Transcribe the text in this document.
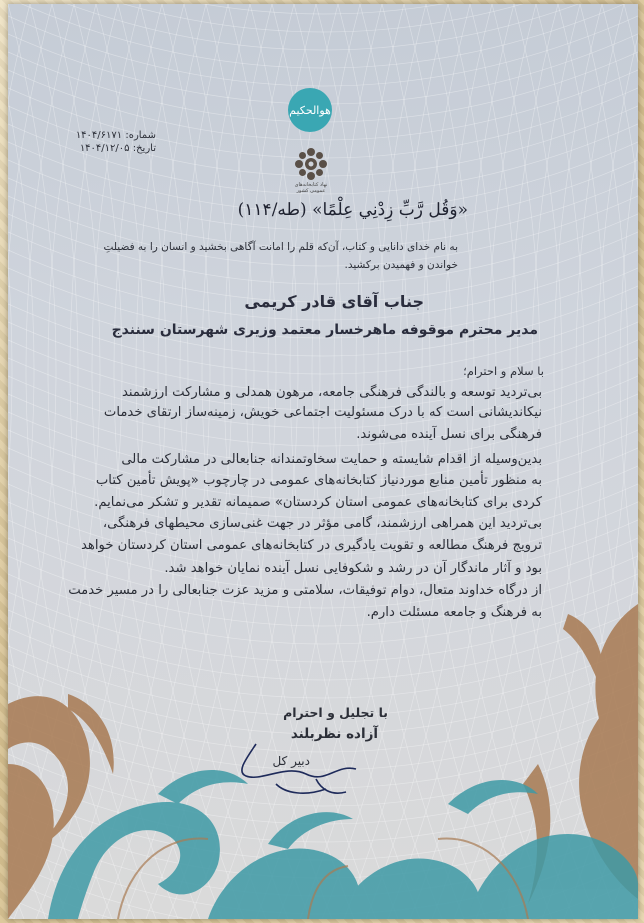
هوالحکیم
نهاد کتابخانه‌های عمومی کشور
شماره: ۱۴۰۴/۶۱۷۱
تاریخ: ۱۴۰۴/۱۲/۰۵
«وَقُل رَّبِّ زِدْنِي عِلْمًا» (طه/۱۱۴)
به نام خدای دانایی و کتاب، آن‌که قلم را امانت آگاهی بخشید و انسان را به فضیلتِ
خواندن و فهمیدن برکشید.
جناب آقای قادر کریمی
مدیر محترم موقوفه ماهرخسار معتمد وزیری شهرستان سنندج
با سلام و احترام؛
بی‌تردید توسعه و بالندگی فرهنگی جامعه، مرهون همدلی و مشارکت ارزشمند
نیکاندیشانی است که با درک مسئولیت اجتماعی خویش، زمینه‌ساز ارتقای خدمات
فرهنگی برای نسل آینده می‌شوند.
بدین‌وسیله از اقدام شایسته و حمایت سخاوتمندانه جنابعالی در مشارکت مالی
به منظور تأمین منابع موردنیاز کتابخانه‌های عمومی در چارچوب «پویش تأمین کتاب
کردی برای کتابخانه‌های عمومی استان کردستان» صمیمانه تقدیر و تشکر می‌نمایم.
بی‌تردید این همراهی ارزشمند، گامی مؤثر در جهت غنی‌سازی محیطهای فرهنگی،
ترویج فرهنگ مطالعه و تقویت یادگیری در کتابخانه‌های عمومی استان کردستان خواهد
بود و آثار ماندگار آن در رشد و شکوفایی نسل آینده نمایان خواهد شد.
از درگاه خداوند متعال، دوام توفیقات، سلامتی و مزید عزت جنابعالی را در مسیر خدمت
به فرهنگ و جامعه مسئلت دارم.
با تجلیل و احترام
آزاده نظربلند
دبیر کل
